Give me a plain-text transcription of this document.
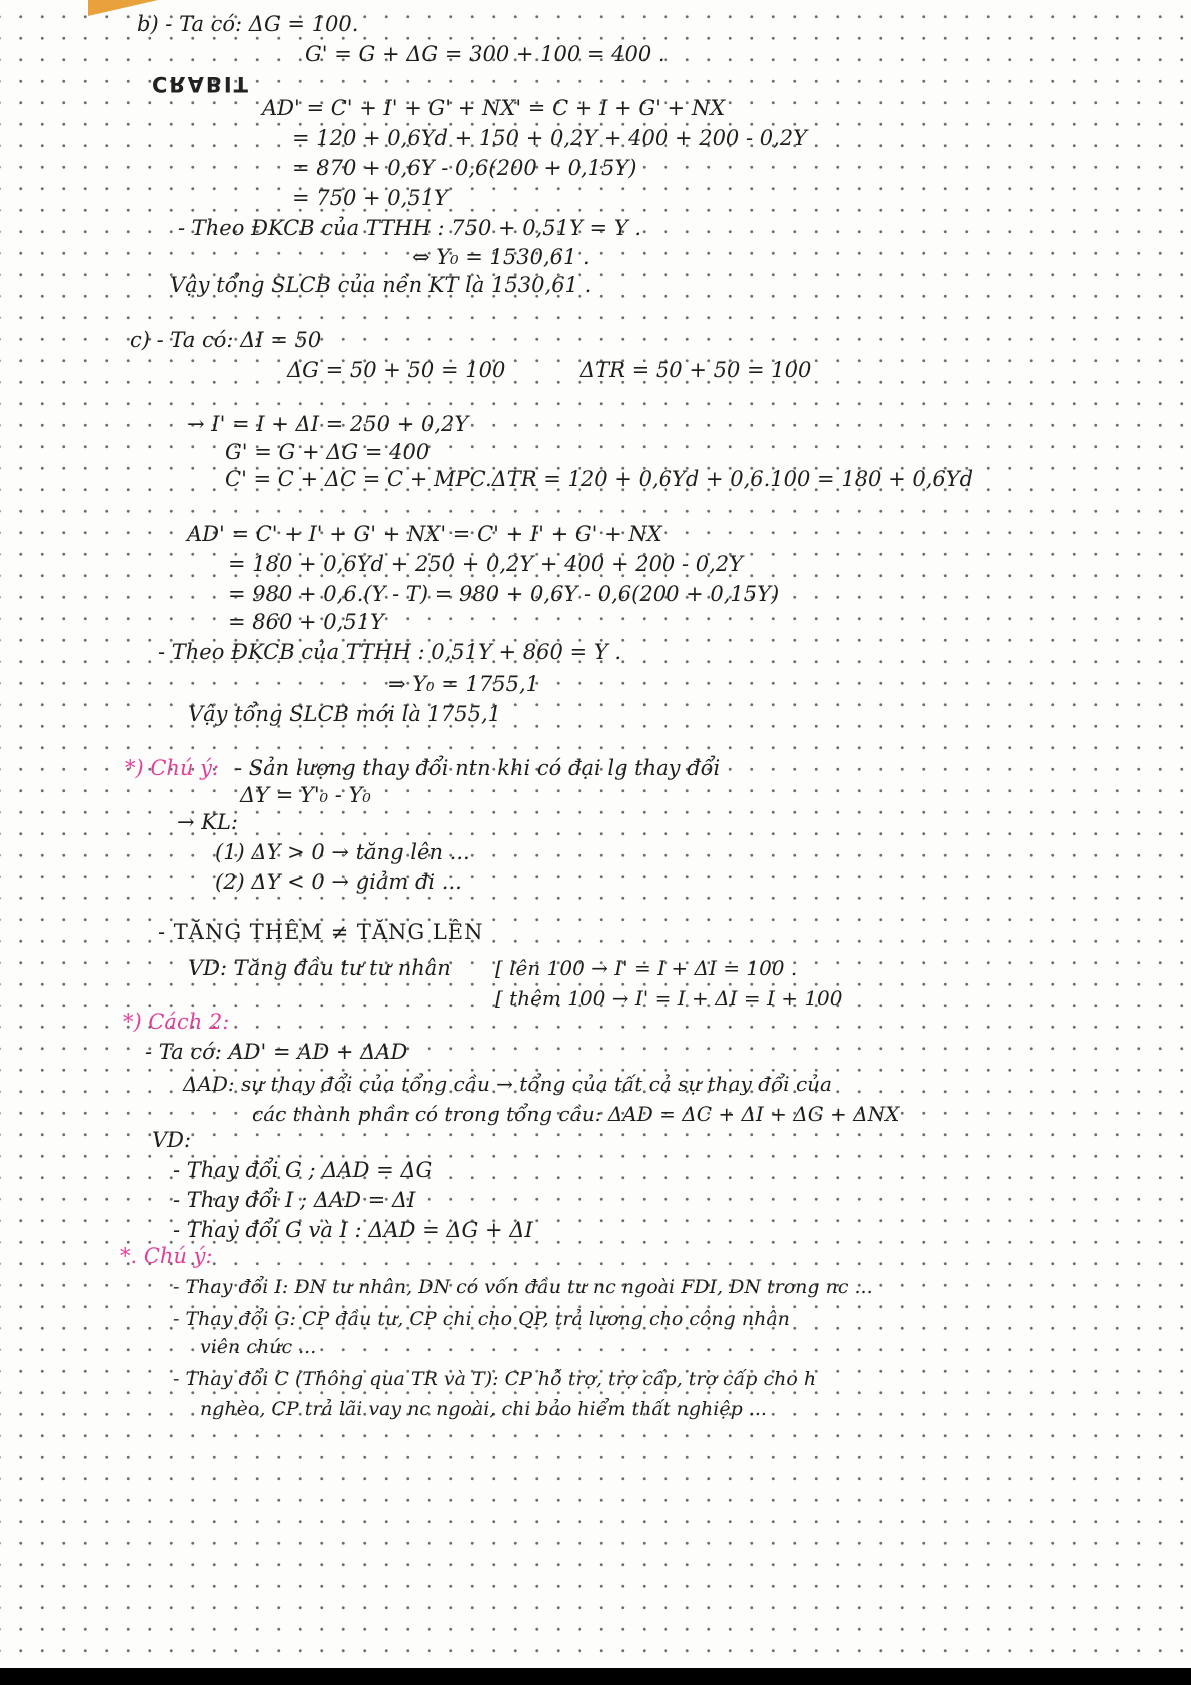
CRABIT
b) - Ta có: ΔG = 100.
G' = G + ΔG = 300 + 100 = 400 .
AD' = C' + I' + G' + NX' = C + I + G' + NX
= 120 + 0,6Yd + 150 + 0,2Y + 400 + 200 - 0,2Y
= 870 + 0,6Y - 0,6(200 + 0,15Y)
= 750 + 0,51Y
- Theo ĐKCB của TTHH : 750 + 0,51Y = Y .
⇔ Y₀ = 1530,61 .
Vậy tổng SLCB của nền KT là 1530,61 .
c) - Ta có: ΔI = 50
ΔG = 50 + 50 = 100	ΔTR = 50 + 50 = 100
→ I' = I + ΔI = 250 + 0,2Y
G' = G + ΔG = 400
C' = C + ΔC = C + MPC.ΔTR = 120 + 0,6Yd + 0,6.100 = 180 + 0,6Yd
AD' = C' + I' + G' + NX' = C' + I' + G' + NX
= 180 + 0,6Yd + 250 + 0,2Y + 400 + 200 - 0,2Y
= 980 + 0,6.(Y - T) = 980 + 0,6Y - 0,6(200 + 0,15Y)
= 860 + 0,51Y
- Theo ĐKCB của TTHH : 0,51Y + 860 = Y .
⇒ Y₀ = 1755,1
Vậy tổng SLCB mới là 1755,1
*) Chú ý: - Sản lượng thay đổi ntn khi có đại lg thay đổi
ΔY = Y'₀ - Y₀
→ KL:
(1) ΔY > 0 → tăng lên ...
(2) ΔY < 0 → giảm đi ...
- TĂNG THÊM ≠ TĂNG LÊN
VD: Tăng đầu tư tư nhân [ lên 100 → I' = I + ΔI = 100 .
[ thêm 100 → I' = I + ΔI = I + 100
*) Cách 2:
- Ta có: AD' = AD + ΔAD
ΔAD: sự thay đổi của tổng cầu → tổng của tất cả sự thay đổi của
các thành phần có trong tổng cầu: ΔAD = ΔC + ΔI + ΔG + ΔNX
VD:
- Thay đổi G ; ΔAD = ΔG
- Thay đổi I ; ΔAD = ΔI
- Thay đổi G và I : ΔAD = ΔG + ΔI
*. Chú ý:
- Thay đổi I: DN tư nhân, DN có vốn đầu tư nc ngoài FDI, DN trong nc ...
- Thay đổi G: CP đầu tư, CP chi cho QP, trả lương cho công nhân
viên chức ...
- Thay đổi C (Thông qua TR và T): CP hỗ trợ, trợ cấp, trợ cấp cho h
nghèo, CP trả lãi vay nc ngoài, chi bảo hiểm thất nghiệp ...
